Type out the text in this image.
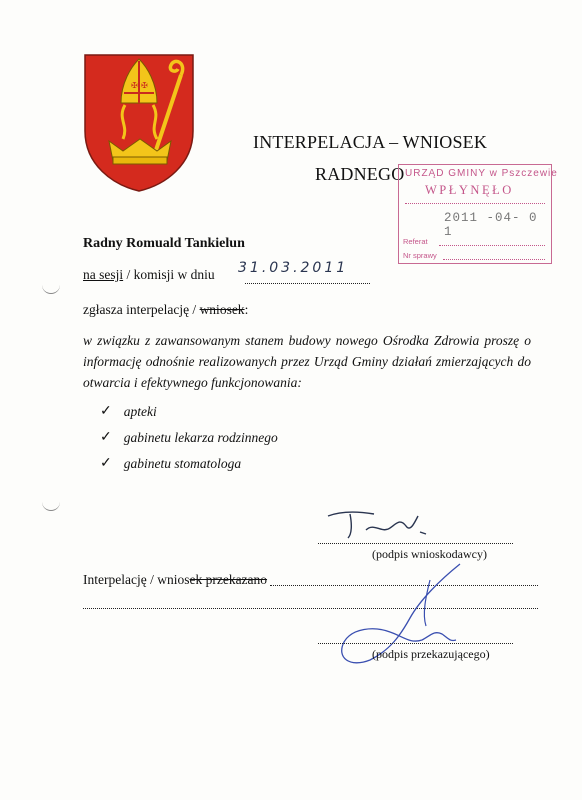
✠ ✠
INTERPELACJA – WNIOSEK
RADNEGO URZĄD GMINY w Pszczewie
WPŁYNĘŁO
2011 -04- 0 1
Referat
Nr sprawy
Radny Romuald Tankielun
na sesji / komisji w dniu 31.03.2011
zgłasza interpelację / wniosek:
w związku z zawansowanym stanem budowy nowego Ośrodka Zdrowia proszę o informację odnośnie realizowanych przez Urząd Gminy działań zmierzających do otwarcia i efektywnego funkcjonowania:
✓ apteki
✓ gabinetu lekarza rodzinnego
✓ gabinetu stomatologa
(podpis wnioskodawcy)
Interpelację / wniosek przekazano
(podpis przekazującego)
